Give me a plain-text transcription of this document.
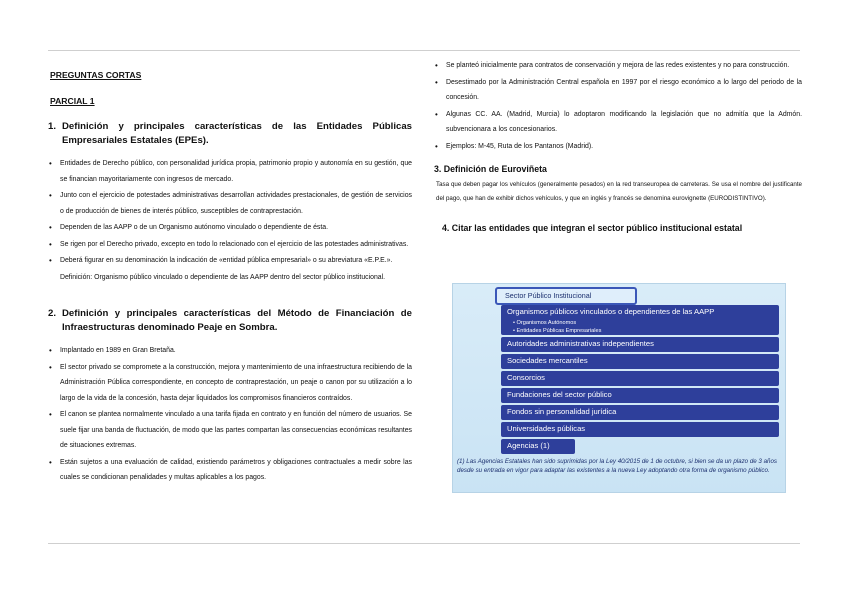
PREGUNTAS CORTAS
PARCIAL 1
1. Definición y principales características de las Entidades Públicas Empresariales Estatales (EPEs).
• Entidades de Derecho público, con personalidad jurídica propia, patrimonio propio y autonomía en su gestión, que se financian mayoritariamente con ingresos de mercado.
• Junto con el ejercicio de potestades administrativas desarrollan actividades prestacionales, de gestión de servicios o de producción de bienes de interés público, susceptibles de contraprestación.
• Dependen de las AAPP o de un Organismo autónomo vinculado o dependiente de ésta.
• Se rigen por el Derecho privado, excepto en todo lo relacionado con el ejercicio de las potestades administrativas.
• Deberá figurar en su denominación la indicación de «entidad pública empresarial» o su abreviatura «E.P.E.».

Definición: Organismo público vinculado o dependiente de las AAPP dentro del sector público institucional.

2. Definición y principales características del Método de Financiación de Infraestructuras denominado Peaje en Sombra.
• Implantado en 1989 en Gran Bretaña.
• El sector privado se compromete a la construcción, mejora y mantenimiento de una infraestructura recibiendo de la Administración Pública correspondiente, en concepto de contraprestación, un peaje o canon por su utilización a lo largo de la vida de la concesión, hasta dejar liquidados los compromisos financieros contraídos.
• El canon se plantea normalmente vinculado a una tarifa fijada en contrato y en función del número de usuarios. Se suele fijar una banda de fluctuación, de modo que las partes compartan las consecuencias económicas resultantes de situaciones extremas.
• Están sujetos a una evaluación de calidad, existiendo parámetros y obligaciones contractuales a medir sobre las cuales se condicionan penalidades y multas aplicables a los pagos.
• Se planteó inicialmente para contratos de conservación y mejora de las redes existentes y no para construcción.
• Desestimado por la Administración Central española en 1997 por el riesgo económico a lo largo del periodo de la concesión.
• Algunas CC. AA. (Madrid, Murcia) lo adoptaron modificando la legislación que no admitía que la Admón. subvencionara a los concesionarios.
• Ejemplos: M-45, Ruta de los Pantanos (Madrid).
3. Definición de Euroviñeta

Tasa que deben pagar los vehículos (generalmente pesados) en la red transeuropea de carreteras. Se usa el nombre del justificante del pago, que han de exhibir dichos vehículos, y que en inglés y francés se denomina eurovignette (EURODISTINTIVO).

4. Citar las entidades que integran el sector público institucional estatal
Sector Público Institucional
Organismos públicos vinculados o dependientes de las AAPP
• Organismos Autónomos
• Entidades Públicas Empresariales
Autoridades administrativas independientes
Sociedades mercantiles
Consorcios
Fundaciones del sector público
Fondos sin personalidad jurídica
Universidades públicas
Agencias (1)
(1) Las Agencias Estatales han sido suprimidas por la Ley 40/2015 de 1 de octubre, si bien se da un plazo de 3 años desde su entrada en vigor para adaptar las existentes a la nueva Ley adoptando otra forma de organismo público.
